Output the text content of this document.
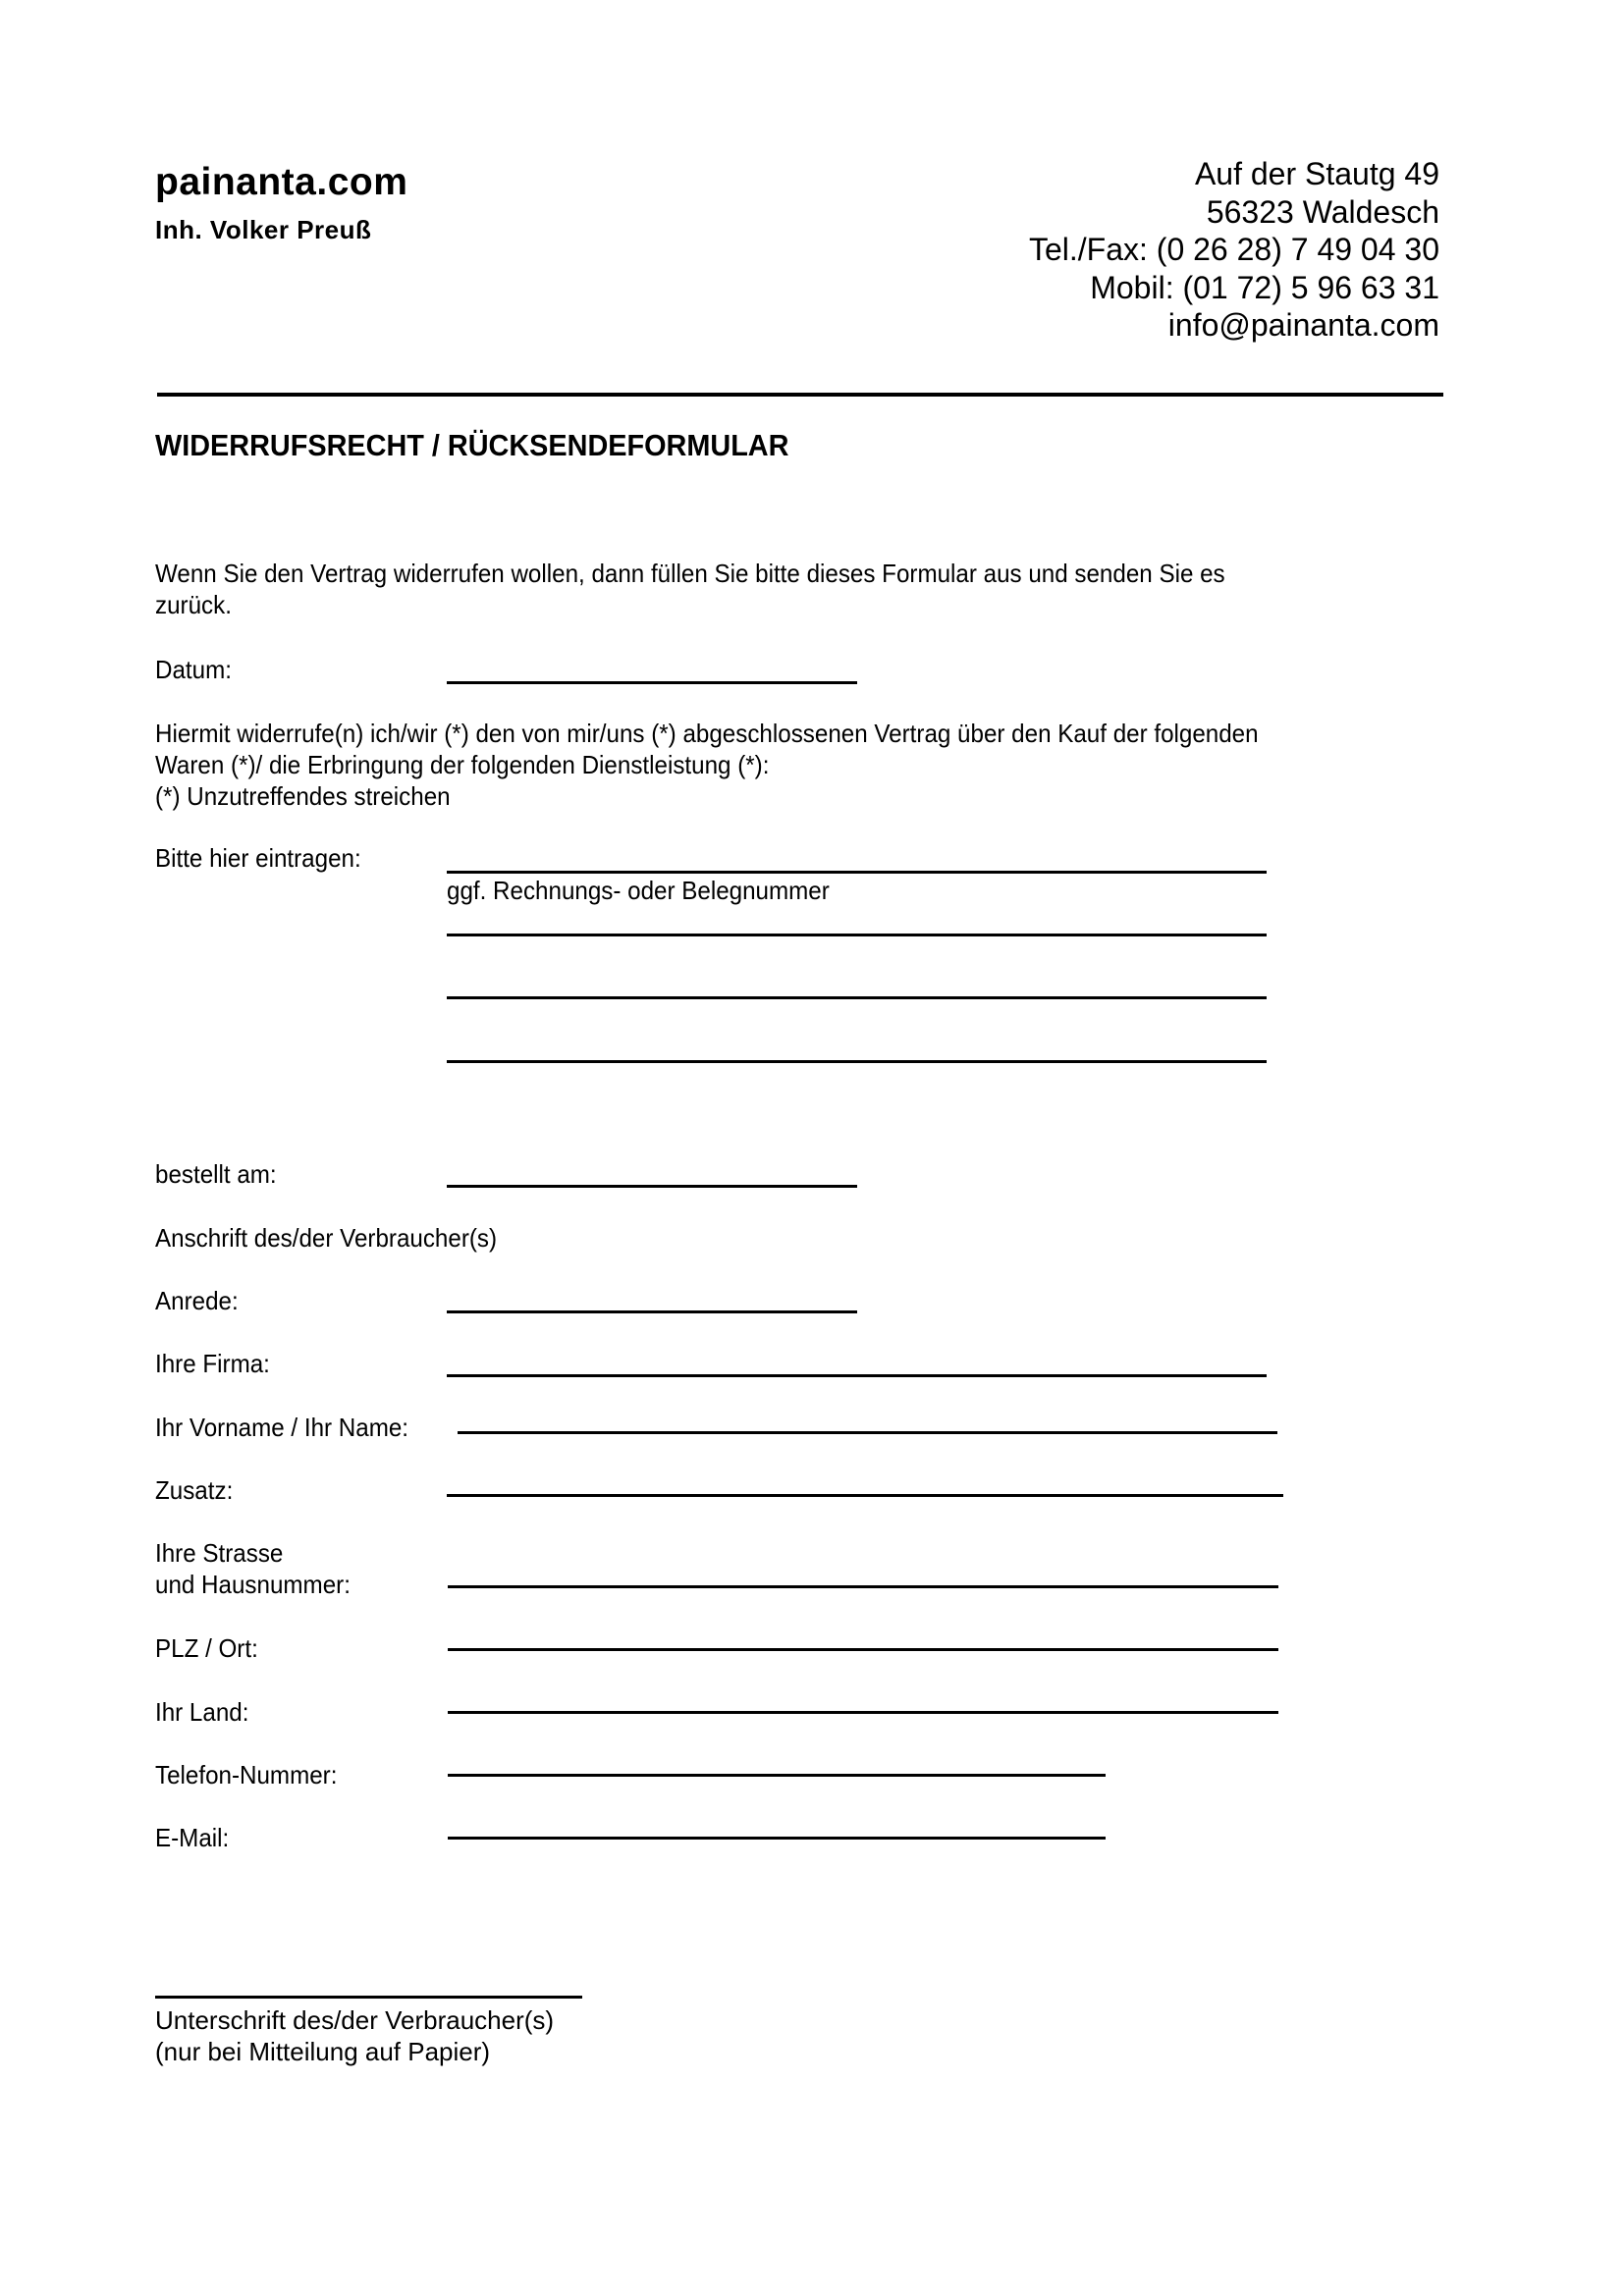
painanta.com
Inh. Volker Preuß
Auf der Stautg 49
56323 Waldesch
Tel./Fax: (0 26 28) 7 49 04 30
Mobil: (01 72) 5 96 63 31
info@painanta.com
WIDERRUFSRECHT / RÜCKSENDEFORMULAR
Wenn Sie den Vertrag widerrufen wollen, dann füllen Sie bitte dieses Formular aus und senden Sie es
zurück.
Datum:
Hiermit widerrufe(n) ich/wir (*) den von mir/uns (*) abgeschlossenen Vertrag über den Kauf der folgenden
Waren (*)/ die Erbringung der folgenden Dienstleistung (*):
(*) Unzutreffendes streichen
Bitte hier eintragen:
ggf. Rechnungs- oder Belegnummer
bestellt am:
Anschrift des/der Verbraucher(s)
Anrede:
Ihre Firma:
Ihr Vorname / Ihr Name:
Zusatz:
Ihre Strasse
und Hausnummer:
PLZ / Ort:
Ihr Land:
Telefon-Nummer:
E-Mail:
Unterschrift des/der Verbraucher(s)
(nur bei Mitteilung auf Papier)
